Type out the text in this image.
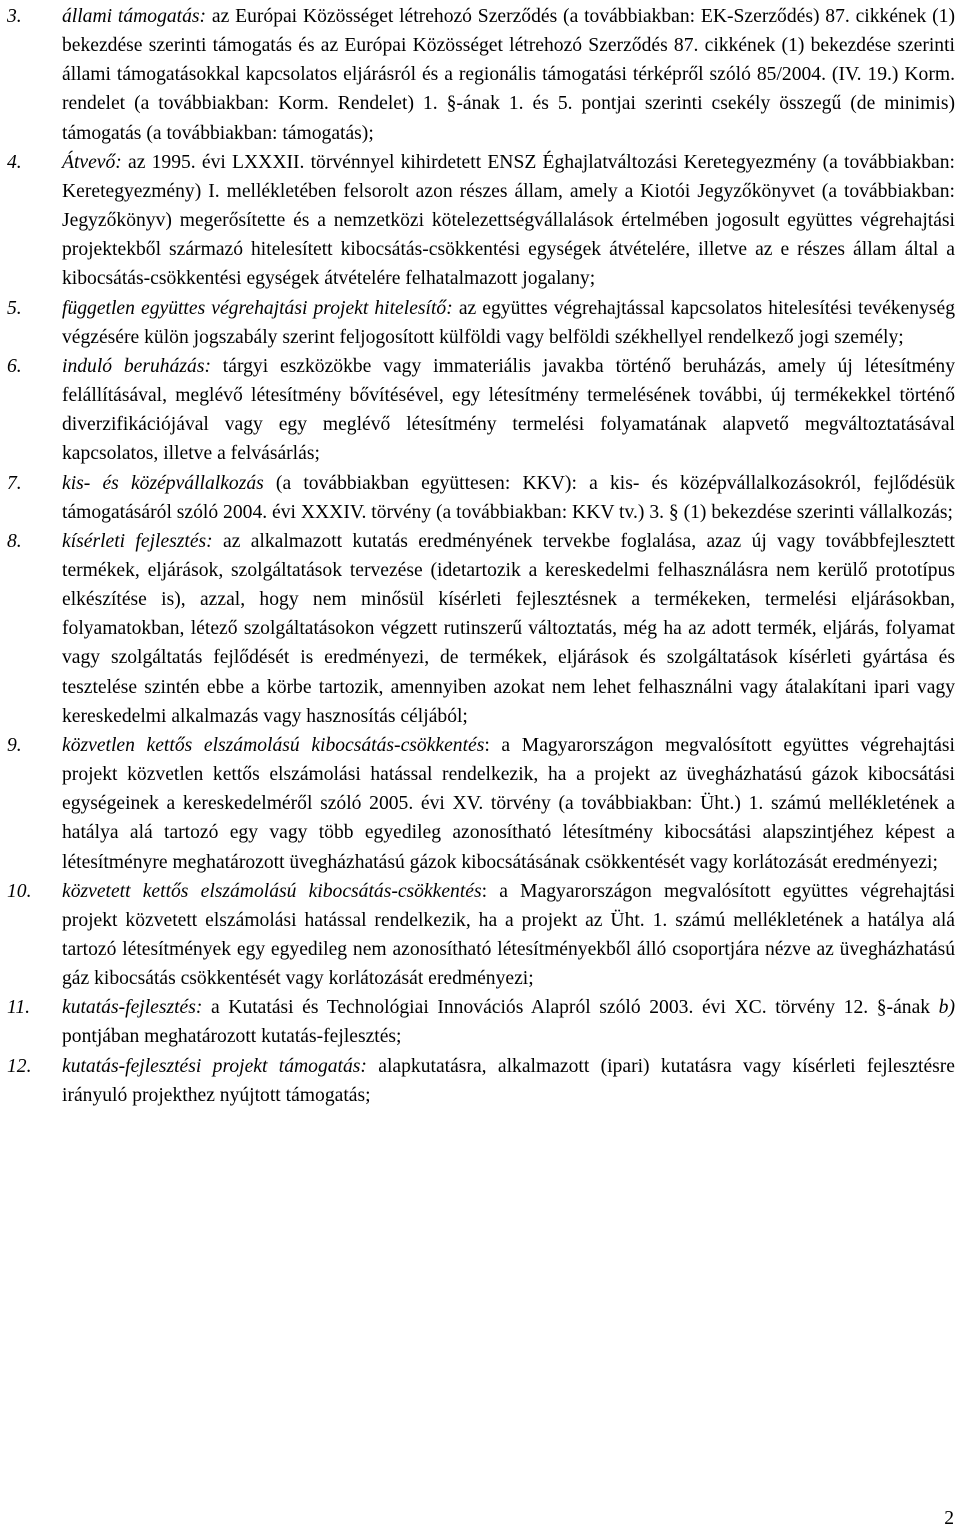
3.	állami támogatás: az Európai Közösséget létrehozó Szerződés (a továbbiakban: EK-Szerződés) 87. cikkének (1) bekezdése szerinti támogatás és az Európai Közösséget létrehozó Szerződés 87. cikkének (1) bekezdése szerinti állami támogatásokkal kapcsolatos eljárásról és a regionális támogatási térképről szóló 85/2004. (IV. 19.) Korm. rendelet (a továbbiakban: Korm. Rendelet) 1. §-ának 1. és 5. pontjai szerinti csekély összegű (de minimis) támogatás (a továbbiakban: támogatás);
4.	Átvevő: az 1995. évi LXXXII. törvénnyel kihirdetett ENSZ Éghajlatváltozási Keretegyezmény (a továbbiakban: Keretegyezmény) I. mellékletében felsorolt azon részes állam, amely a Kiotói Jegyzőkönyvet (a továbbiakban: Jegyzőkönyv) megerősítette és a nemzetközi kötelezettségvállalások értelmében jogosult együttes végrehajtási projektekből származó hitelesített kibocsátás-csökkentési egységek átvételére, illetve az e részes állam által a kibocsátás-csökkentési egységek átvételére felhatalmazott jogalany;
5.	független együttes végrehajtási projekt hitelesítő: az együttes végrehajtással kapcsolatos hitelesítési tevékenység végzésére külön jogszabály szerint feljogosított külföldi vagy belföldi székhellyel rendelkező jogi személy;
6.	induló beruházás: tárgyi eszközökbe vagy immateriális javakba történő beruházás, amely új létesítmény felállításával, meglévő létesítmény bővítésével, egy létesítmény termelésének további, új termékekkel történő diverzifikációjával vagy egy meglévő létesítmény termelési folyamatának alapvető megváltoztatásával kapcsolatos, illetve a felvásárlás;
7.	kis- és középvállalkozás (a továbbiakban együttesen: KKV): a kis- és középvállalkozásokról, fejlődésük támogatásáról szóló 2004. évi XXXIV. törvény (a továbbiakban: KKV tv.) 3. § (1) bekezdése szerinti vállalkozás;
8.	kísérleti fejlesztés: az alkalmazott kutatás eredményének tervekbe foglalása, azaz új vagy továbbfejlesztett termékek, eljárások, szolgáltatások tervezése (idetartozik a kereskedelmi felhasználásra nem kerülő prototípus elkészítése is), azzal, hogy nem minősül kísérleti fejlesztésnek a termékeken, termelési eljárásokban, folyamatokban, létező szolgáltatásokon végzett rutinszerű változtatás, még ha az adott termék, eljárás, folyamat vagy szolgáltatás fejlődését is eredményezi, de termékek, eljárások és szolgáltatások kísérleti gyártása és tesztelése szintén ebbe a körbe tartozik, amennyiben azokat nem lehet felhasználni vagy átalakítani ipari vagy kereskedelmi alkalmazás vagy hasznosítás céljából;
9.	közvetlen kettős elszámolású kibocsátás-csökkentés: a Magyarországon megvalósított együttes végrehajtási projekt közvetlen kettős elszámolási hatással rendelkezik, ha a projekt az üvegházhatású gázok kibocsátási egységeinek a kereskedelméről szóló 2005. évi XV. törvény (a továbbiakban: Üht.) 1. számú mellékletének a hatálya alá tartozó egy vagy több egyedileg azonosítható létesítmény kibocsátási alapszintjéhez képest a létesítményre meghatározott üvegházhatású gázok kibocsátásának csökkentését vagy korlátozását eredményezi;
10.	közvetett kettős elszámolású kibocsátás-csökkentés: a Magyarországon megvalósított együttes végrehajtási projekt közvetett elszámolási hatással rendelkezik, ha a projekt az Üht. 1. számú mellékletének a hatálya alá tartozó létesítmények egy egyedileg nem azonosítható létesítményekből álló csoportjára nézve az üvegházhatású gáz kibocsátás csökkentését vagy korlátozását eredményezi;
11.	kutatás-fejlesztés: a Kutatási és Technológiai Innovációs Alapról szóló 2003. évi XC. törvény 12. §-ának b) pontjában meghatározott kutatás-fejlesztés;
12.	kutatás-fejlesztési projekt támogatás: alapkutatásra, alkalmazott (ipari) kutatásra vagy kísérleti fejlesztésre irányuló projekthez nyújtott támogatás;
2
